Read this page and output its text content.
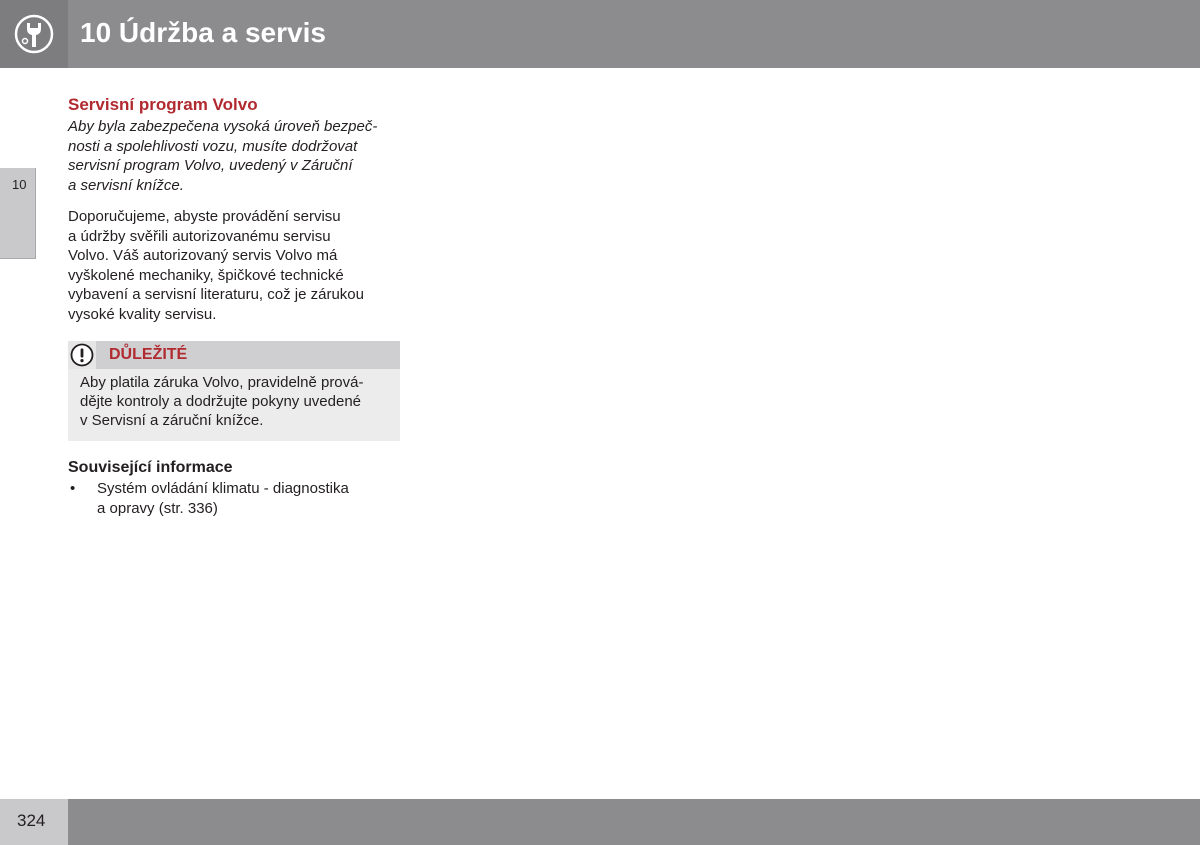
10 Údržba a servis
10
Servisní program Volvo
Aby byla zabezpečena vysoká úroveň bezpeč-
nosti a spolehlivosti vozu, musíte dodržovat
servisní program Volvo, uvedený v Záruční
a servisní knížce.
Doporučujeme, abyste provádění servisu
a údržby svěřili autorizovanému servisu
Volvo. Váš autorizovaný servis Volvo má
vyškolené mechaniky, špičkové technické
vybavení a servisní literaturu, což je zárukou
vysoké kvality servisu.
DŮLEŽITÉ
Aby platila záruka Volvo, pravidelně prová-
dějte kontroly a dodržujte pokyny uvedené
v Servisní a záruční knížce.
Související informace
• Systém ovládání klimatu - diagnostika
a opravy (str. 336)
324
